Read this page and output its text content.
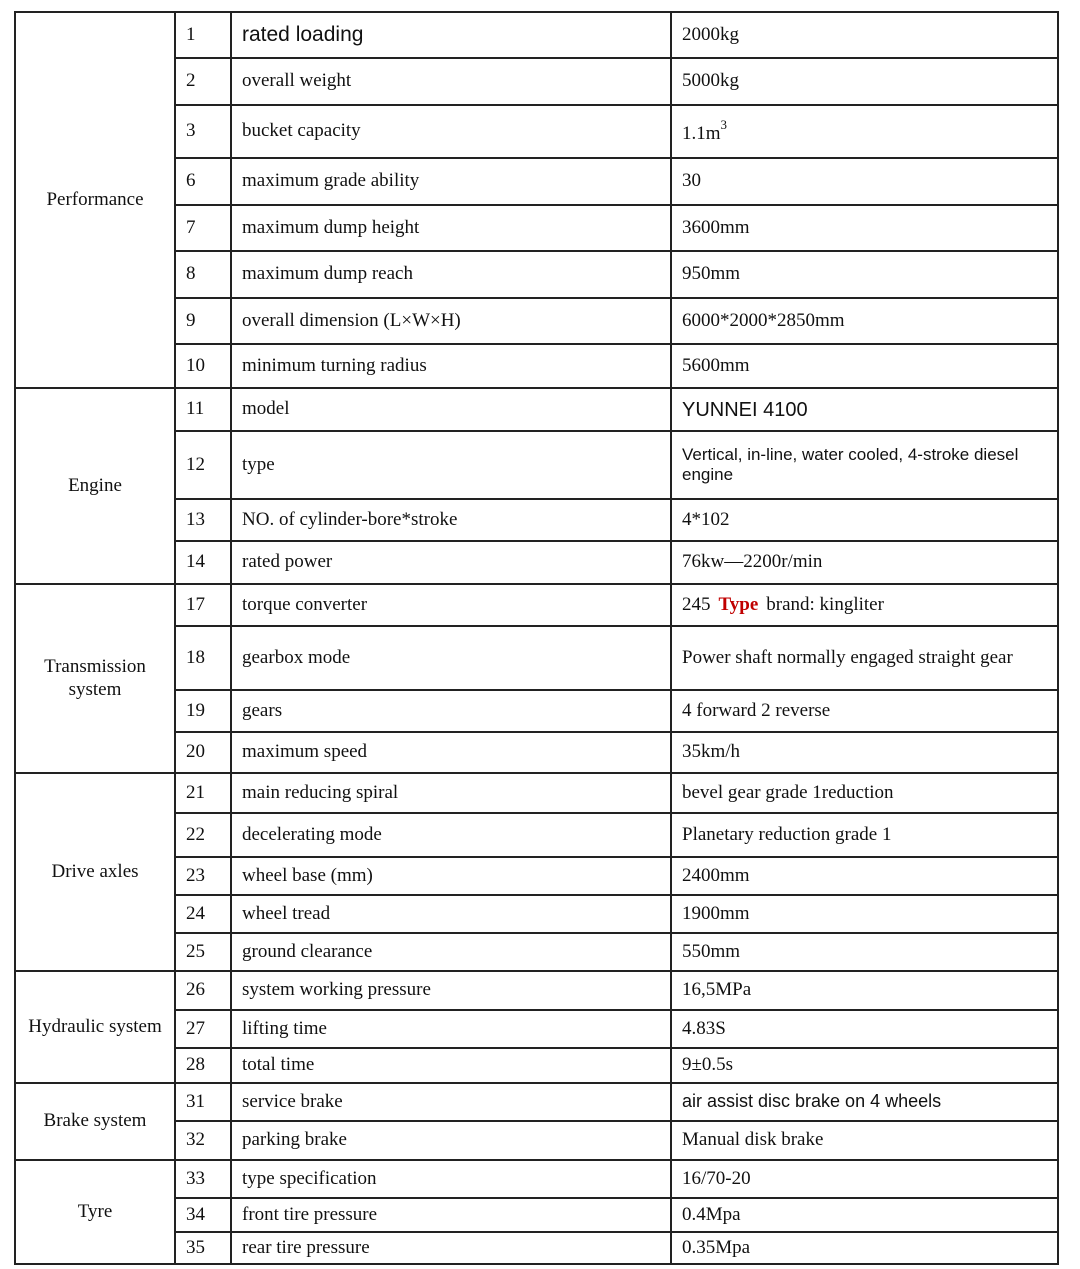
Performance	1	rated loading	2000kg
	2	overall weight	5000kg
	3	bucket capacity	$1.1m^3$
	6	maximum grade ability	30
	7	maximum dump height	3600mm
	8	maximum dump reach	950mm
	9	overall dimension (L×W×H)	6000*2000*2850mm
	10	minimum turning radius	5600mm
Engine	11	model	YUNNEI 4100
	12	type	Vertical, in-line, water cooled, 4-stroke diesel engine
	13	NO. of cylinder-bore*stroke	4*102
	14	rated power	76kw—2200r/min
Transmission system	17	torque converter	245 Type brand: kingliter
	18	gearbox mode	Power shaft normally engaged straight gear
	19	gears	4 forward 2 reverse
	20	maximum speed	35km/h
Drive axles	21	main reducing spiral	bevel gear grade 1reduction
	22	decelerating mode	Planetary reduction grade 1
	23	wheel base (mm)	2400mm
	24	wheel tread	1900mm
	25	ground clearance	550mm
Hydraulic system	26	system working pressure	16,5MPa
	27	lifting time	4.83S
	28	total time	9±0.5s
Brake system	31	service brake	air assist disc brake on 4 wheels
	32	parking brake	Manual disk brake
Tyre	33	type specification	16/70-20
	34	front tire pressure	0.4Mpa
	35	rear tire pressure	0.35Mpa
